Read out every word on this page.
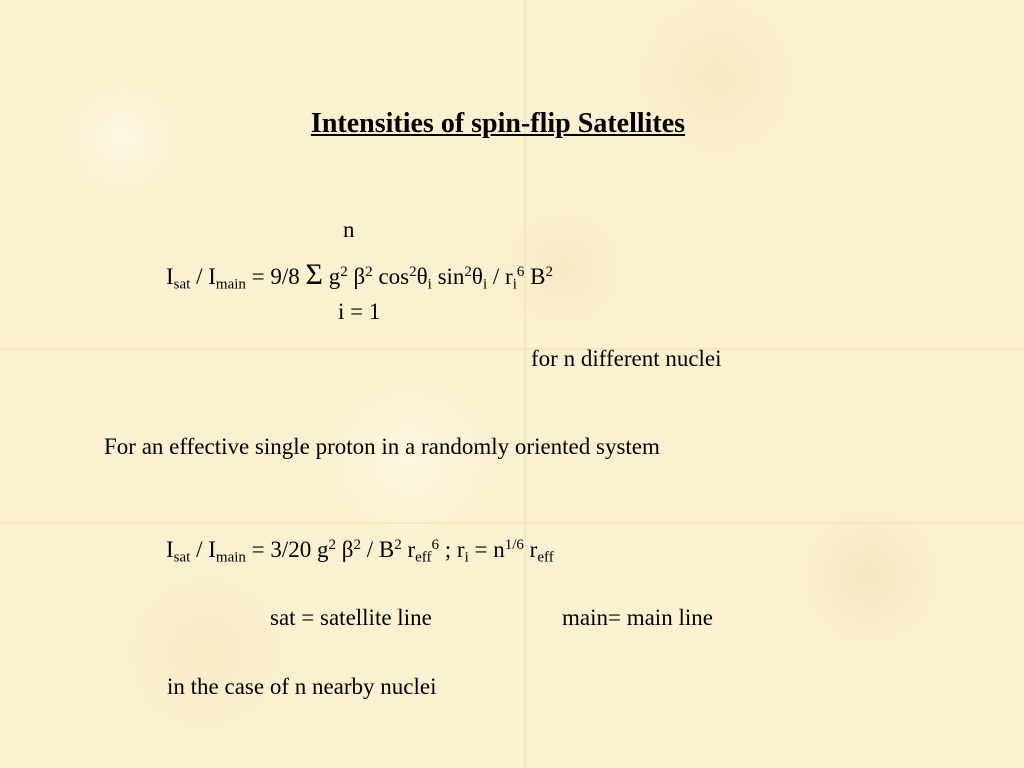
Intensities of spin-flip Satellites
n
$I_{sat} / I_{main} = 9/8$ Σ $g^2$ $\beta^2$ $\cos^2\theta_i$ $\sin^2\theta_i / r_i^6$ $B^2$
i = 1
for n different nuclei
For an effective single proton in a randomly oriented system
$I_{sat} / I_{main} = 3/20$ $g^2$ $\beta^2 / B^2$ $r_{eff}^6$ ; $r_i = n^{1/6}$ $r_{eff}$
sat = satellite line	main= main line
in the case of n nearby nuclei
